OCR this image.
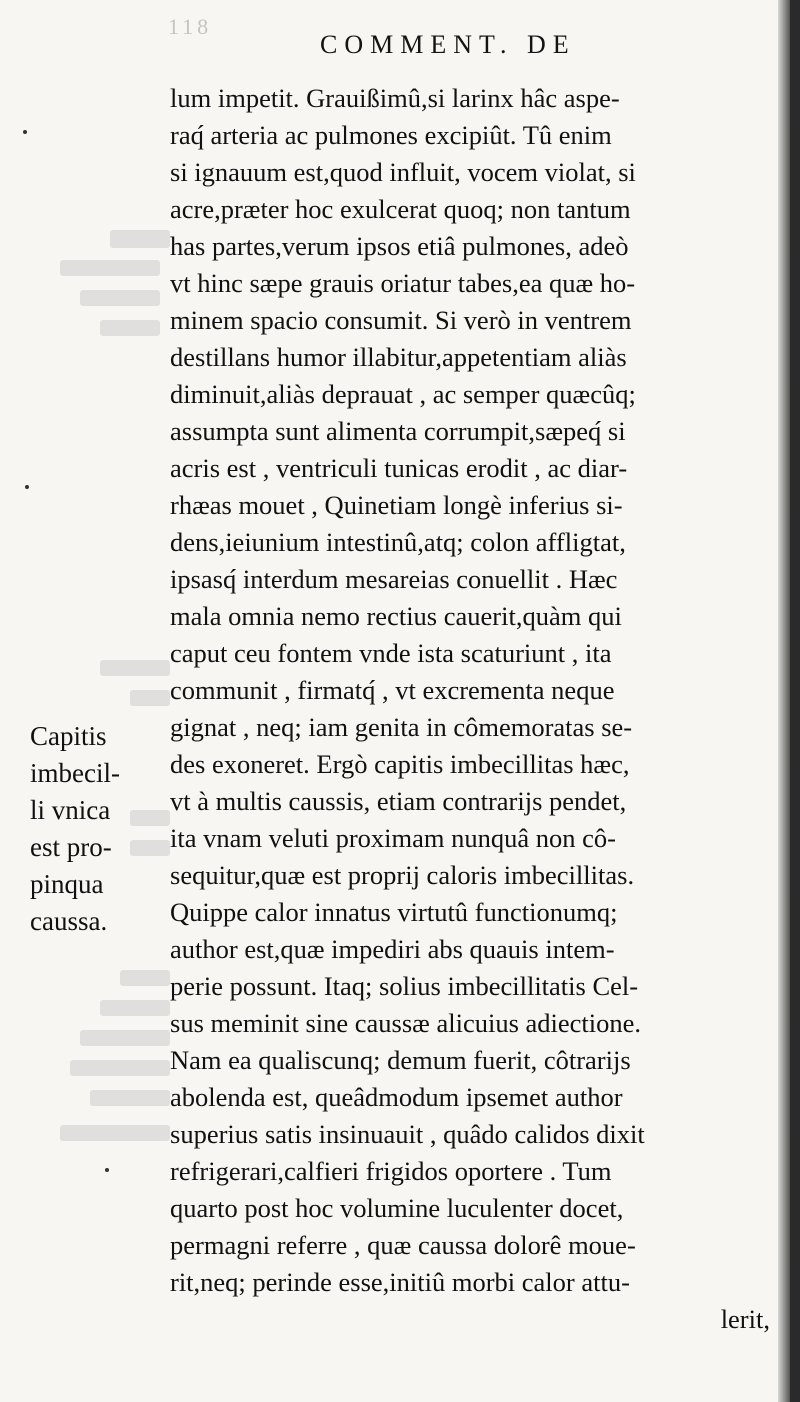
118
COMMENT. DE
lum impetit. Grauißimû,si larinx hâc aspe-
raq́ arteria ac pulmones excipiût. Tû enim
si ignauum est,quod influit, vocem violat, si
acre,præter hoc exulcerat quoq; non tantum
has partes,verum ipsos etiâ pulmones, adeò
vt hinc sæpe grauis oriatur tabes,ea quæ ho-
minem spacio consumit. Si verò in ventrem
destillans humor illabitur,appetentiam aliàs
diminuit,aliàs deprauat , ac semper quæcûq;
assumpta sunt alimenta corrumpit,sæpeq́ si
acris est , ventriculi tunicas erodit , ac diar-
rhæas mouet , Quinetiam longè inferius si-
dens,ieiunium intestinû,atq; colon affligtat,
ipsasq́ interdum mesareias conuellit . Hæc
mala omnia nemo rectius cauerit,quàm qui
caput ceu fontem vnde ista scaturiunt , ita
communit , firmatq́ , vt excrementa neque
gignat , neq; iam genita in cômemoratas se-
des exoneret. Ergò capitis imbecillitas hæc,
vt à multis caussis, etiam contrarijs pendet,
ita vnam veluti proximam nunquâ non cô-
sequitur,quæ est proprij caloris imbecillitas.
Quippe calor innatus virtutû functionumq;
author est,quæ impediri abs quauis intem-
perie possunt. Itaq; solius imbecillitatis Cel-
sus meminit sine caussæ alicuius adiectione.
Nam ea qualiscunq; demum fuerit, côtrarijs
abolenda est, queâdmodum ipsemet author
superius satis insinuauit , quâdo calidos dixit
refrigerari,calfieri frigidos oportere . Tum
quarto post hoc volumine luculenter docet,
permagni referre , quæ caussa dolorê moue-
rit,neq; perinde esse,initiû morbi calor attu-
lerit,
Capitis
imbecil-
li vnica
est pro-
pinqua
caussa.
